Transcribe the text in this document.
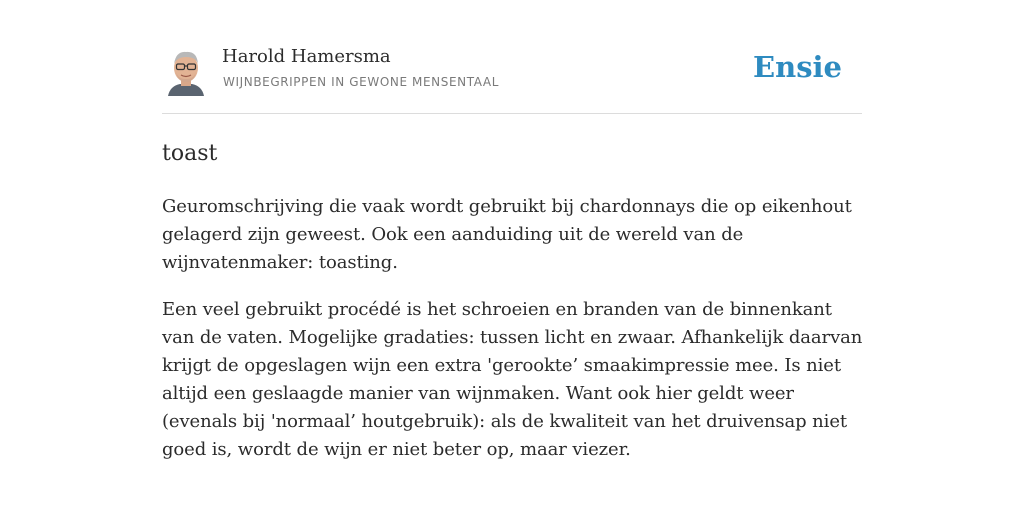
Harold Hamersma
WIJNBEGRIPPEN IN GEWONE MENSENTAAL	Ensie
toast

Geuromschrijving die vaak wordt gebruikt bij chardonnays die op eikenhout gelagerd zijn geweest. Ook een aanduiding uit de wereld van de wijnvatenmaker: toasting.

Een veel gebruikt procédé is het schroeien en branden van de binnenkant van de vaten. Mogelijke gradaties: tussen licht en zwaar. Afhankelijk daarvan krijgt de opgeslagen wijn een extra 'gerookte’ smaakimpressie mee. Is niet altijd een geslaagde manier van wijnmaken. Want ook hier geldt weer (evenals bij 'normaal’ houtgebruik): als de kwaliteit van het druivensap niet goed is, wordt de wijn er niet beter op, maar viezer.
